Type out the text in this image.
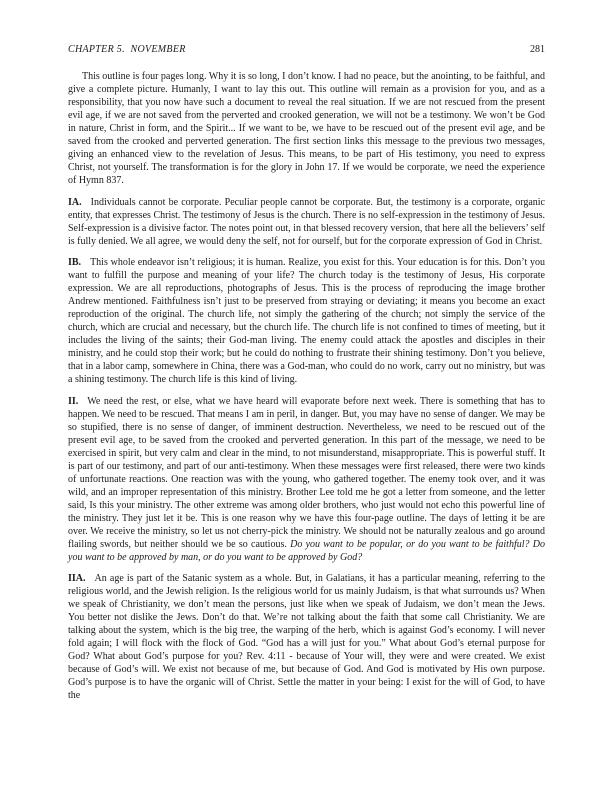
CHAPTER 5.  NOVEMBER	281

This outline is four pages long. Why it is so long, I don’t know. I had no peace, but the anointing, to be faithful, and give a complete picture. Humanly, I want to lay this out. This outline will remain as a provision for you, and as a responsibility, that you now have such a document to reveal the real situation. If we are not rescued from the present evil age, if we are not saved from the perverted and crooked generation, we will not be a testimony. We won’t be God in nature, Christ in form, and the Spirit... If we want to be, we have to be rescued out of the present evil age, and be saved from the crooked and perverted generation. The first section links this message to the previous two messages, giving an enhanced view to the revelation of Jesus. This means, to be part of His testimony, you need to express Christ, not yourself. The transformation is for the glory in John 17. If we would be corporate, we need the experience of Hymn 837.

IA. Individuals cannot be corporate. Peculiar people cannot be corporate. But, the testimony is a corporate, organic entity, that expresses Christ. The testimony of Jesus is the church. There is no self-expression in the testimony of Jesus. Self-expression is a divisive factor. The notes point out, in that blessed recovery version, that here all the believers’ self is fully denied. We all agree, we would deny the self, not for ourself, but for the corporate expression of God in Christ.

IB. This whole endeavor isn’t religious; it is human. Realize, you exist for this. Your education is for this. Don’t you want to fulfill the purpose and meaning of your life? The church today is the testimony of Jesus, His corporate expression. We are all reproductions, photographs of Jesus. This is the process of reproducing the image brother Andrew mentioned. Faithfulness isn’t just to be preserved from straying or deviating; it means you become an exact reproduction of the original. The church life, not simply the gathering of the church; not simply the service of the church, which are crucial and necessary, but the church life. The church life is not confined to times of meeting, but it includes the living of the saints; their God-man living. The enemy could attack the apostles and disciples in their ministry, and he could stop their work; but he could do nothing to frustrate their shining testimony. Don’t you believe, that in a labor camp, somewhere in China, there was a God-man, who could do no work, carry out no ministry, but was a shining testimony. The church life is this kind of living.

II. We need the rest, or else, what we have heard will evaporate before next week. There is something that has to happen. We need to be rescued. That means I am in peril, in danger. But, you may have no sense of danger. We may be so stupified, there is no sense of danger, of imminent destruction. Nevertheless, we need to be rescued out of the present evil age, to be saved from the crooked and perverted generation. In this part of the message, we need to be exercised in spirit, but very calm and clear in the mind, to not misunderstand, misappropriate. This is powerful stuff. It is part of our testimony, and part of our anti-testimony. When these messages were first released, there were two kinds of unfortunate reactions. One reaction was with the young, who gathered together. The enemy took over, and it was wild, and an improper representation of this ministry. Brother Lee told me he got a letter from someone, and the letter said, Is this your ministry. The other extreme was among older brothers, who just would not echo this powerful line of the ministry. They just let it be. This is one reason why we have this four-page outline. The days of letting it be are over. We receive the ministry, so let us not cherry-pick the ministry. We should not be naturally zealous and go around flailing swords, but neither should we be so cautious. Do you want to be popular, or do you want to be faithful? Do you want to be approved by man, or do you want to be approved by God?

IIA. An age is part of the Satanic system as a whole. But, in Galatians, it has a particular meaning, referring to the religious world, and the Jewish religion. Is the religious world for us mainly Judaism, is that what surrounds us? When we speak of Christianity, we don’t mean the persons, just like when we speak of Judaism, we don’t mean the Jews. You better not dislike the Jews. Don’t do that. We’re not talking about the faith that some call Christianity. We are talking about the system, which is the big tree, the warping of the herb, which is against God’s economy. I will never fold again; I will flock with the flock of God. “God has a will just for you.” What about God’s eternal purpose for God? What about God’s purpose for you? Rev. 4:11 - because of Your will, they were and were created. We exist because of God’s will. We exist not because of me, but because of God. And God is motivated by His own purpose. God’s purpose is to have the organic will of Christ. Settle the matter in your being: I exist for the will of God, to have the
